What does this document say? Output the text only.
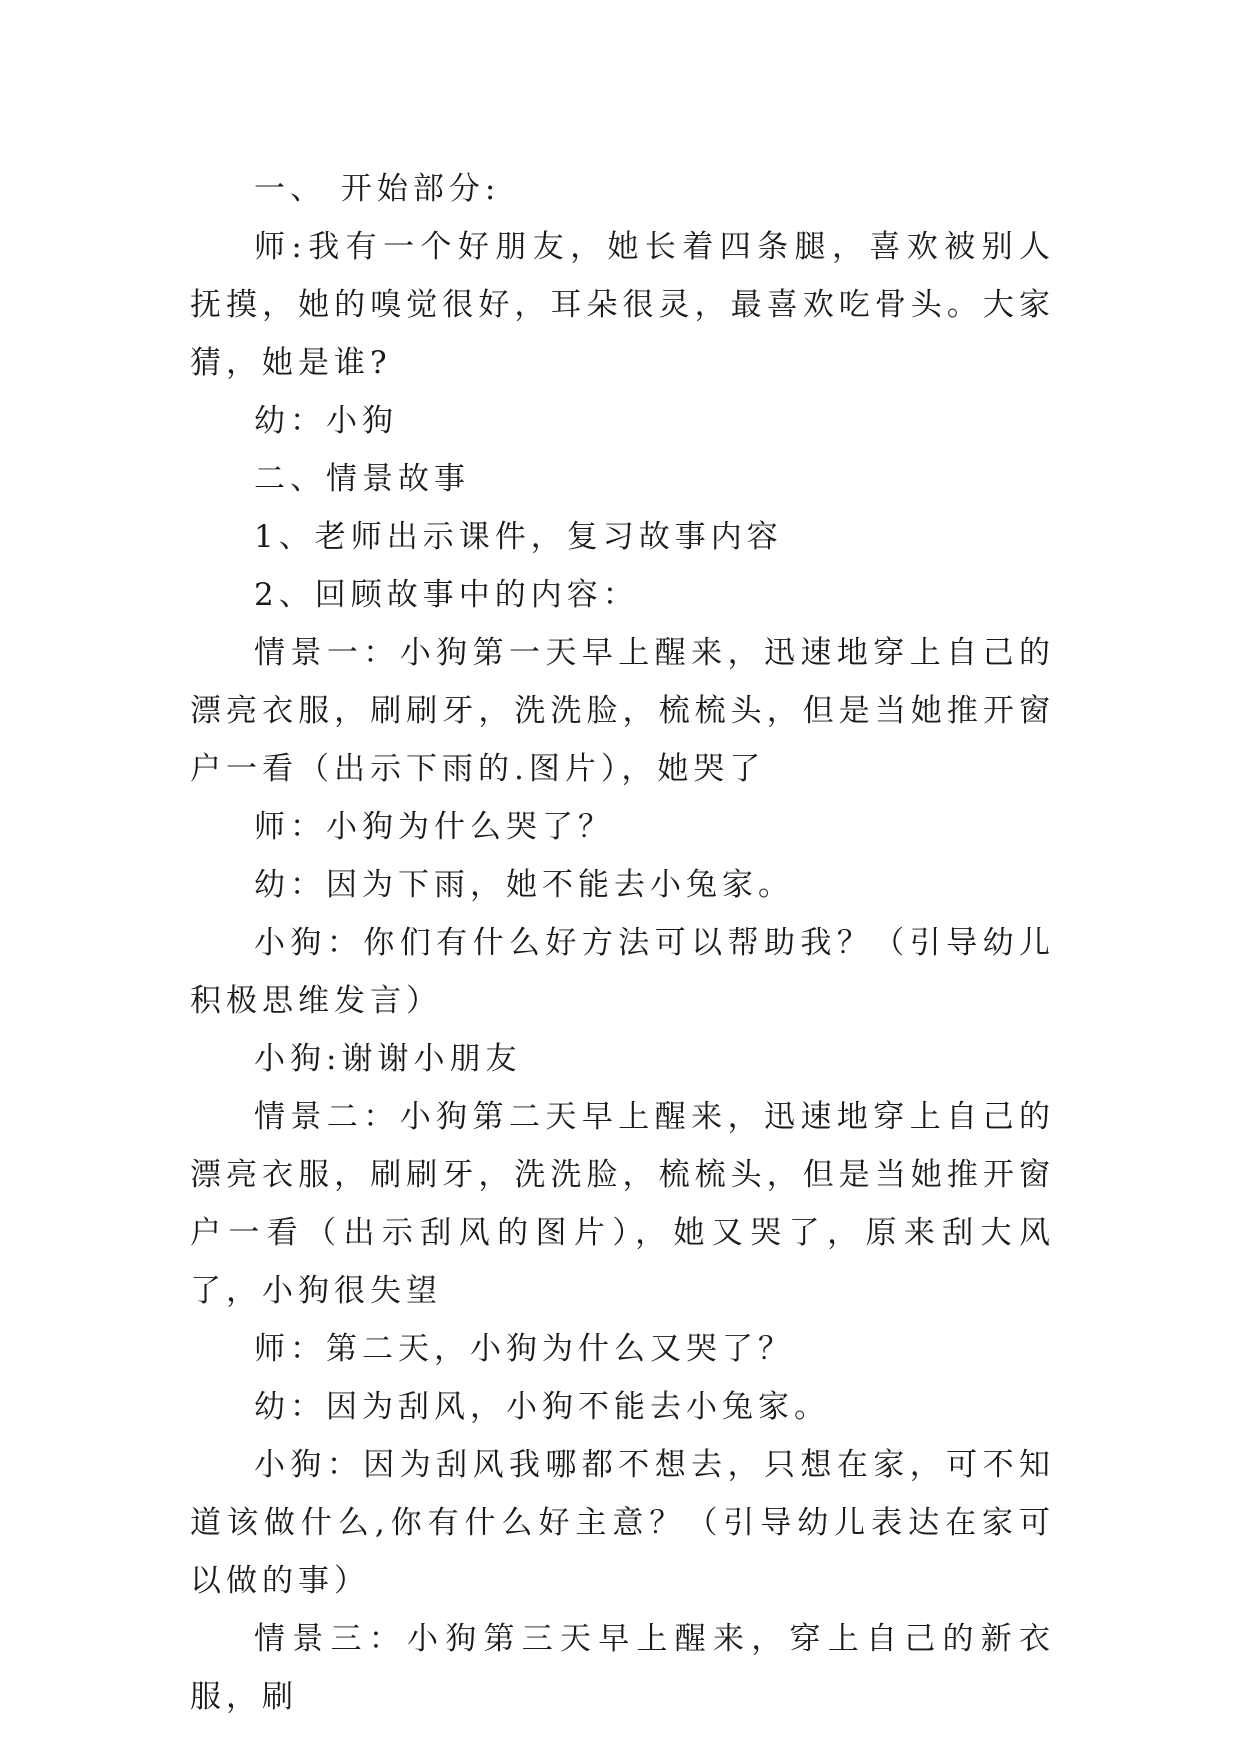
一、 开始部分:

师:我有一个好朋友，她长着四条腿，喜欢被别人抚摸，她的嗅觉很好，耳朵很灵，最喜欢吃骨头。大家猜，她是谁?

幼：小狗

二、情景故事

1、老师出示课件，复习故事内容

2、回顾故事中的内容：

情景一：小狗第一天早上醒来，迅速地穿上自己的漂亮衣服，刷刷牙，洗洗脸，梳梳头，但是当她推开窗户一看（出示下雨的.图片），她哭了

师：小狗为什么哭了？

幼：因为下雨，她不能去小兔家。

小狗：你们有什么好方法可以帮助我？（引导幼儿积极思维发言）

小狗:谢谢小朋友

情景二：小狗第二天早上醒来，迅速地穿上自己的漂亮衣服，刷刷牙，洗洗脸，梳梳头，但是当她推开窗户一看（出示刮风的图片），她又哭了，原来刮大风了，小狗很失望

师：第二天，小狗为什么又哭了？

幼：因为刮风，小狗不能去小兔家。

小狗：因为刮风我哪都不想去，只想在家，可不知道该做什么,你有什么好主意？（引导幼儿表达在家可以做的事）

情景三：小狗第三天早上醒来，穿上自己的新衣服，刷
